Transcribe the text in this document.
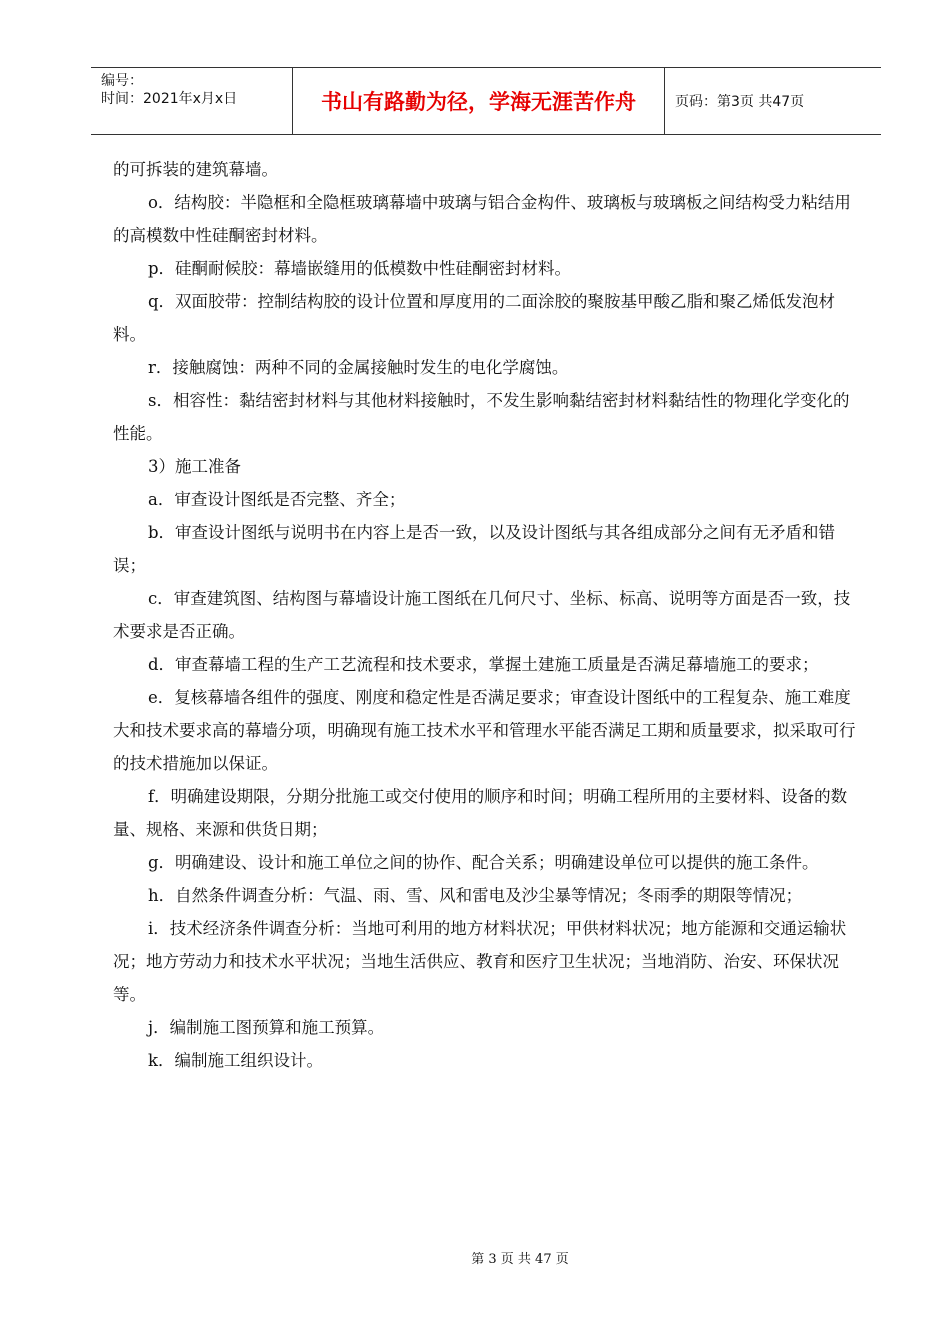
编号：
时间：2021年x月x日	书山有路勤为径，学海无涯苦作舟	页码：第3页 共47页

的可拆装的建筑幕墙。

o．结构胶：半隐框和全隐框玻璃幕墙中玻璃与铝合金构件、玻璃板与玻璃板之间结构受力粘结用的高模数中性硅酮密封材料。

p．硅酮耐候胶：幕墙嵌缝用的低模数中性硅酮密封材料。

q．双面胶带：控制结构胶的设计位置和厚度用的二面涂胶的聚胺基甲酸乙脂和聚乙烯低发泡材料。

r．接触腐蚀：两种不同的金属接触时发生的电化学腐蚀。

s．相容性：黏结密封材料与其他材料接触时，不发生影响黏结密封材料黏结性的物理化学变化的性能。

3）施工准备

a．审查设计图纸是否完整、齐全；

b．审查设计图纸与说明书在内容上是否一致，以及设计图纸与其各组成部分之间有无矛盾和错误；

c．审查建筑图、结构图与幕墙设计施工图纸在几何尺寸、坐标、标高、说明等方面是否一致，技术要求是否正确。

d．审查幕墙工程的生产工艺流程和技术要求，掌握土建施工质量是否满足幕墙施工的要求；

e．复核幕墙各组件的强度、刚度和稳定性是否满足要求；审查设计图纸中的工程复杂、施工难度大和技术要求高的幕墙分项，明确现有施工技术水平和管理水平能否满足工期和质量要求，拟采取可行的技术措施加以保证。

f．明确建设期限，分期分批施工或交付使用的顺序和时间；明确工程所用的主要材料、设备的数量、规格、来源和供货日期；

g．明确建设、设计和施工单位之间的协作、配合关系；明确建设单位可以提供的施工条件。

h．自然条件调查分析：气温、雨、雪、风和雷电及沙尘暴等情况；冬雨季的期限等情况；

i．技术经济条件调查分析：当地可利用的地方材料状况；甲供材料状况；地方能源和交通运输状况；地方劳动力和技术水平状况；当地生活供应、教育和医疗卫生状况；当地消防、治安、环保状况等。

j．编制施工图预算和施工预算。

k．编制施工组织设计。

第 3 页 共 47 页
